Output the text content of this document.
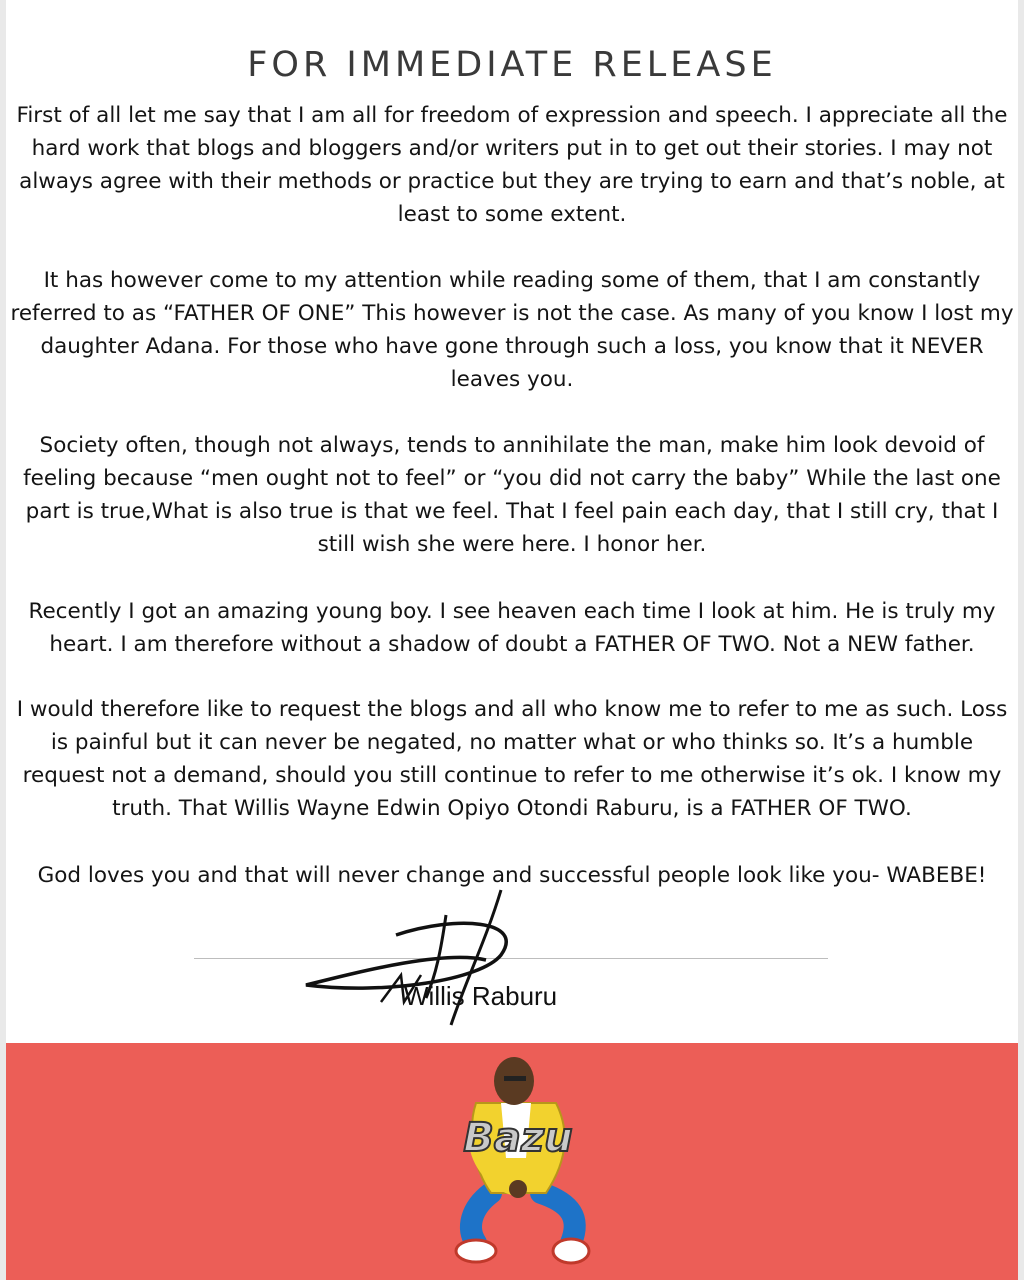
FOR IMMEDIATE RELEASE

First of all let me say that I am all for freedom of expression and speech. I appreciate all the hard work that blogs and bloggers and/or writers put in to get out their stories. I may not always agree with their methods or practice but they are trying to earn and that’s noble, at least to some extent.

It has however come to my attention while reading some of them, that I am constantly referred to as “FATHER OF ONE” This however is not the case. As many of you know I lost my daughter Adana. For those who have gone through such a loss, you know that it NEVER leaves you.

Society often, though not always, tends to annihilate the man, make him look devoid of feeling because “men ought not to feel” or “you did not carry the baby” While the last one part is true,What is also true is that we feel. That I feel pain each day, that I still cry, that I still wish she were here. I honor her.

Recently I got an amazing young boy. I see heaven each time I look at him. He is truly my heart. I am therefore without a shadow of doubt a FATHER OF TWO. Not a NEW father.

I would therefore like to request the blogs and all who know me to refer to me as such. Loss is painful but it can never be negated, no matter what or who thinks so. It’s a humble request not a demand, should you still continue to refer to me otherwise it’s ok. I know my truth. That Willis Wayne Edwin Opiyo Otondi Raburu, is a FATHER OF TWO.

God loves you and that will never change and successful people look like you- WABEBE!

Willis Raburu
Bazu
